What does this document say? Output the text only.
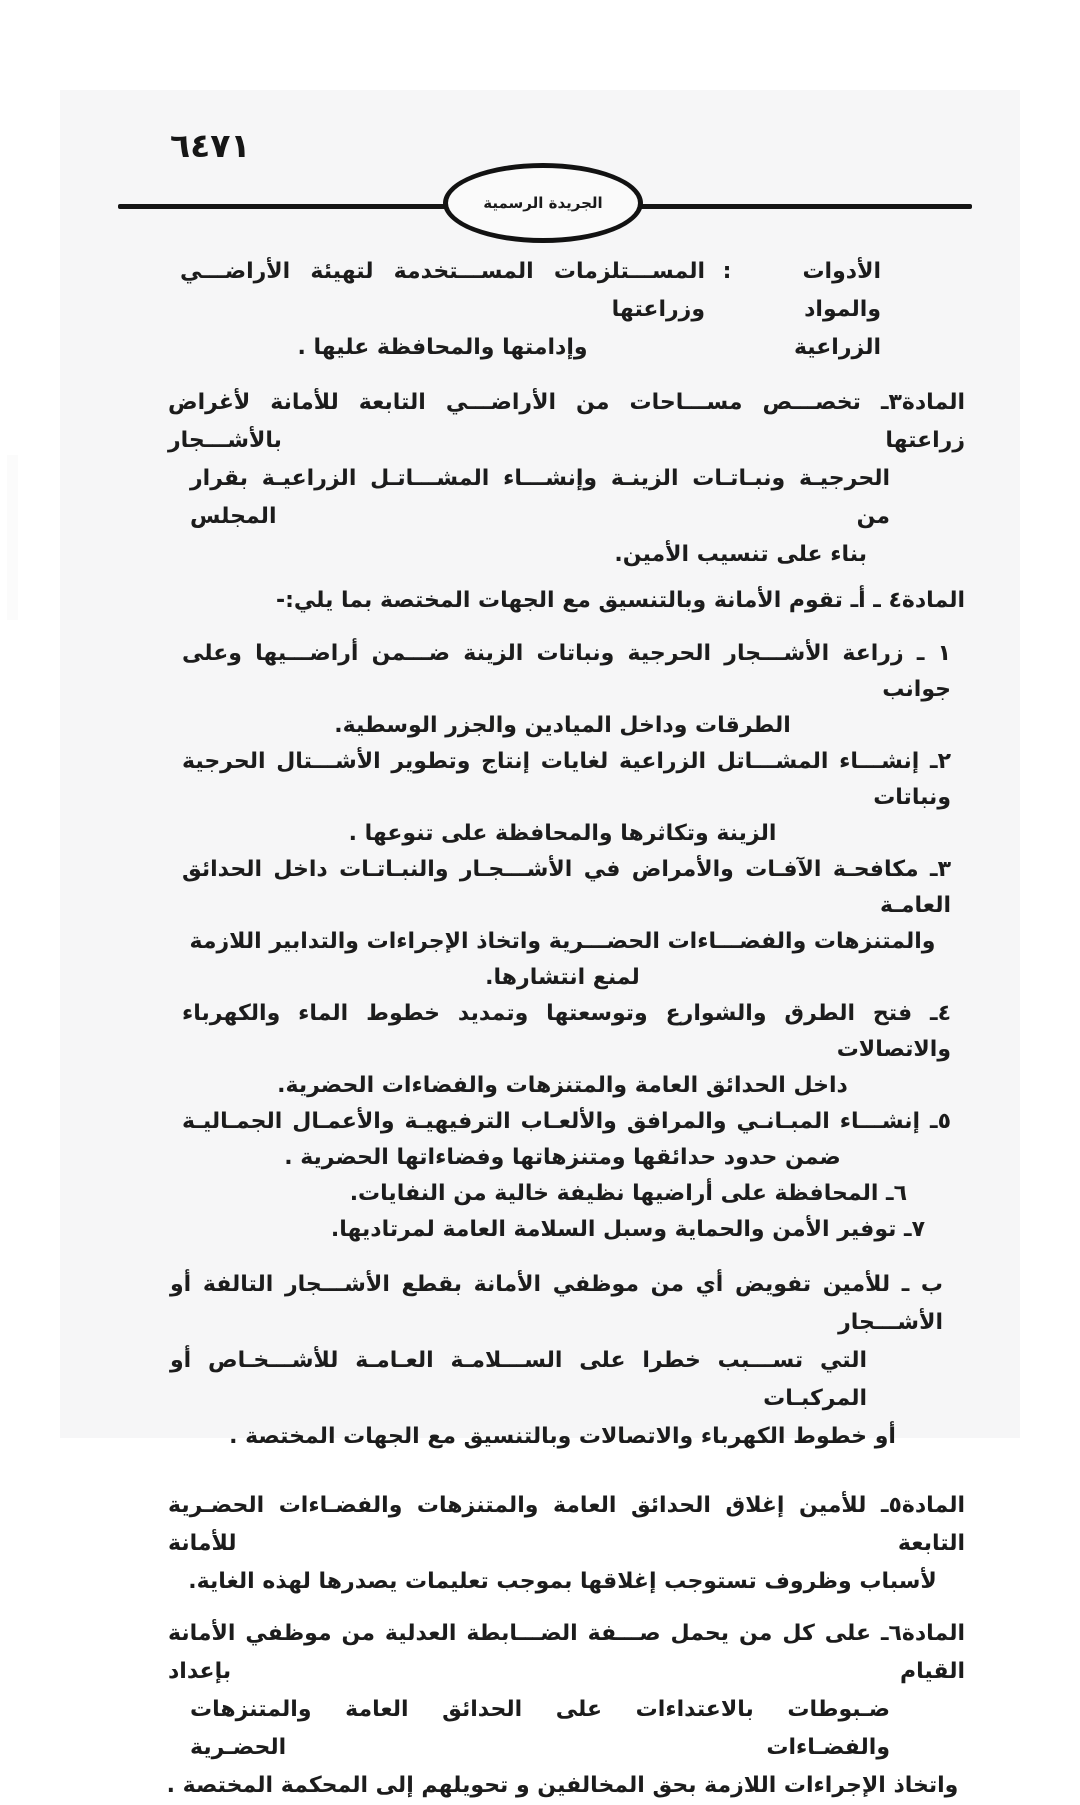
٦٤٧١
الجريدة الرسمية
الأدوات والمواد
الزراعية
:
المســـتلزمات المســـتخدمة لتهيئة الأراضـــي وزراعتها
وإدامتها والمحافظة عليها .
المادة٣ـ تخصـــص مســـاحات من الأراضـــي التابعة للأمانة لأغراض زراعتها بالأشـــجار
الحرجيـة ونبـاتـات الزينـة وإنشـــاء المشـــاتـل الزراعيـة بقرار من المجلس
بناء على تنسيب الأمين.
المادة٤ ـ أـ تقوم الأمانة وبالتنسيق مع الجهات المختصة بما يلي:-
١ ـ زراعة الأشـــجار الحرجية ونباتات الزينة ضـــمن أراضـــيها وعلى جوانب
الطرقات وداخل الميادين والجزر الوسطية.
٢ـ إنشـــاء المشـــاتل الزراعية لغايات إنتاج وتطوير الأشـــتال الحرجية ونباتات
الزينة وتكاثرها والمحافظة على تنوعها .
٣ـ مكافحـة الآفـات والأمراض في الأشـــجـار والنبـاتـات داخل الحدائق العامـة
والمتنزهات والفضـــاءات الحضـــرية واتخاذ الإجراءات والتدابير اللازمة
لمنع انتشارها.
٤ـ فتح الطرق والشوارع وتوسعتها وتمديد خطوط الماء والكهرباء والاتصالات
داخل الحدائق العامة والمتنزهات والفضاءات الحضرية.
٥ـ إنشـــاء المبـانـي والمرافق والألعـاب الترفيهيـة والأعمـال الجمـاليـة
ضمن حدود حدائقها ومتنزهاتها وفضاءاتها الحضرية .
٦ـ المحافظة على أراضيها نظيفة خالية من النفايات.
٧ـ توفير الأمن والحماية وسبل السلامة العامة لمرتاديها.
ب ـ للأمين تفويض أي من موظفي الأمانة بقطع الأشـــجار التالفة أو الأشـــجار
التي تســـبب خطرا على الســـلامـة العـامـة للأشـــخـاص أو المركبـات
أو خطوط الكهرباء والاتصالات وبالتنسيق مع الجهات المختصة .
المادة٥ـ للأمين إغلاق الحدائق العامة والمتنزهات والفضـاءات الحضـرية التابعة للأمانة
لأسباب وظروف تستوجب إغلاقها بموجب تعليمات يصدرها لهذه الغاية.
المادة٦ـ على كل من يحمل صـــفة الضـــابطة العدلية من موظفي الأمانة القيام بإعداد
ضـبوطات بالاعتداءات على الحدائق العامة والمتنزهات والفضـاءات الحضـرية
واتخاذ الإجراءات اللازمة بحق المخالفين و تحويلهم إلى المحكمة المختصة .
